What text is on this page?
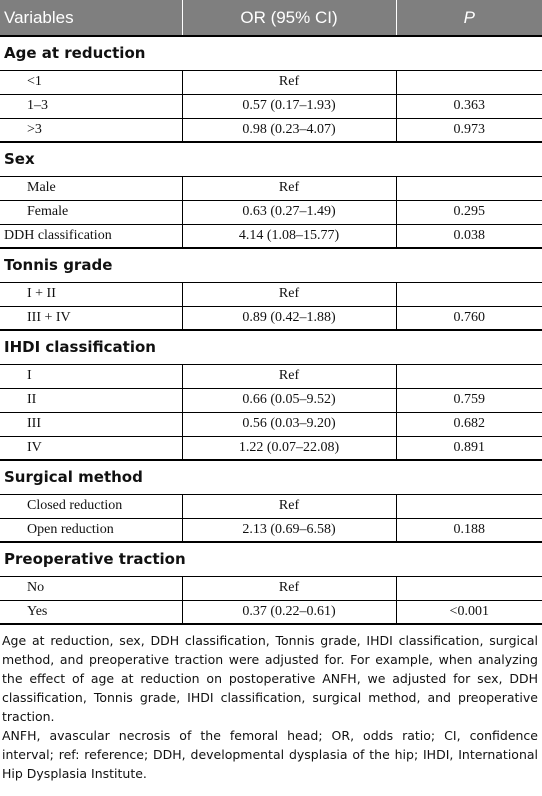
Variables	OR (95% CI)	P
Age at reduction		
<1	Ref	
1–3	0.57 (0.17–1.93)	0.363
>3	0.98 (0.23–4.07)	0.973
Sex		
Male	Ref	
Female	0.63 (0.27–1.49)	0.295
DDH classification	4.14 (1.08–15.77)	0.038
Tonnis grade		
I + II	Ref	
III + IV	0.89 (0.42–1.88)	0.760
IHDI classification		
I	Ref	
II	0.66 (0.05–9.52)	0.759
III	0.56 (0.03–9.20)	0.682
IV	1.22 (0.07–22.08)	0.891
Surgical method		
Closed reduction	Ref	
Open reduction	2.13 (0.69–6.58)	0.188
Preoperative traction		
No	Ref	
Yes	0.37 (0.22–0.61)	<0.001

Age at reduction, sex, DDH classification, Tonnis grade, IHDI classification, surgical method, and preoperative traction were adjusted for. For example, when analyzing the effect of age at reduction on postoperative ANFH, we adjusted for sex, DDH classification, Tonnis grade, IHDI classification, surgical method, and preoperative traction.

ANFH, avascular necrosis of the femoral head; OR, odds ratio; CI, confidence interval; ref: reference; DDH, developmental dysplasia of the hip; IHDI, International Hip Dysplasia Institute.
